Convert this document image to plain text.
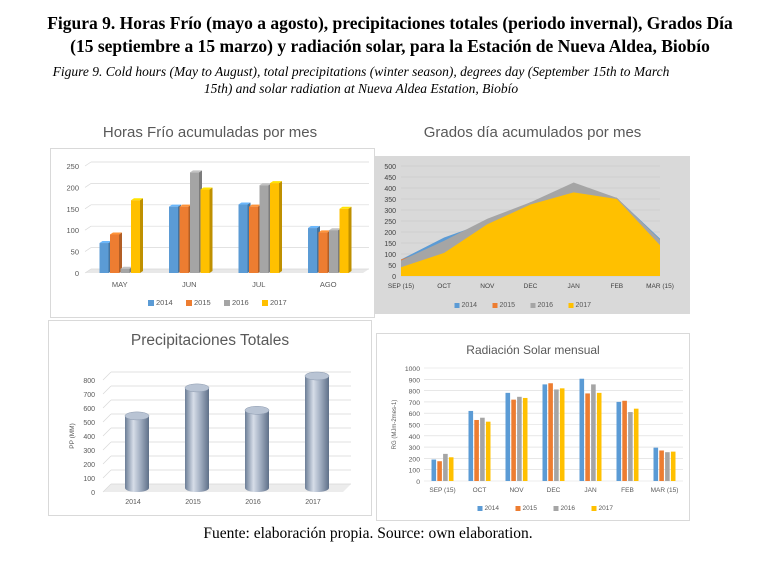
Figura 9. Horas Frío (mayo a agosto), precipitaciones totales (periodo invernal), Grados Día
(15 septiembre a 15 marzo) y radiación solar, para la Estación de Nueva Aldea, Biobío
Figure 9. Cold hours (May to August), total precipitations (winter season), degrees day (September 15th to March
15th) and solar radiation at Nueva Aldea Estation, Biobío
Horas Frío acumuladas por mes
0
50
100
150
200
250
MAY	JUN	JUL	AGO
2014	2015	2016	2017
Grados día acumulados por mes
0
50
100
150
200
250
300
350
400
450
500
SEP (15)	OCT	NOV	DEC	JAN	FEB	MAR (15)
2014	2015	2016	2017
Precipitaciones Totales
0
100
200
300
400
500
600
700
800
PP (MM)
2014	2015	2016	2017
Radiación Solar mensual
0
100
200
300
400
500
600
700
800
900
1000
RG (MJm-2mes-1)
SEP (15)	OCT	NOV	DEC	JAN	FEB	MAR (15)
2014	2015	2016	2017
Fuente: elaboración propia. Source: own elaboration.
